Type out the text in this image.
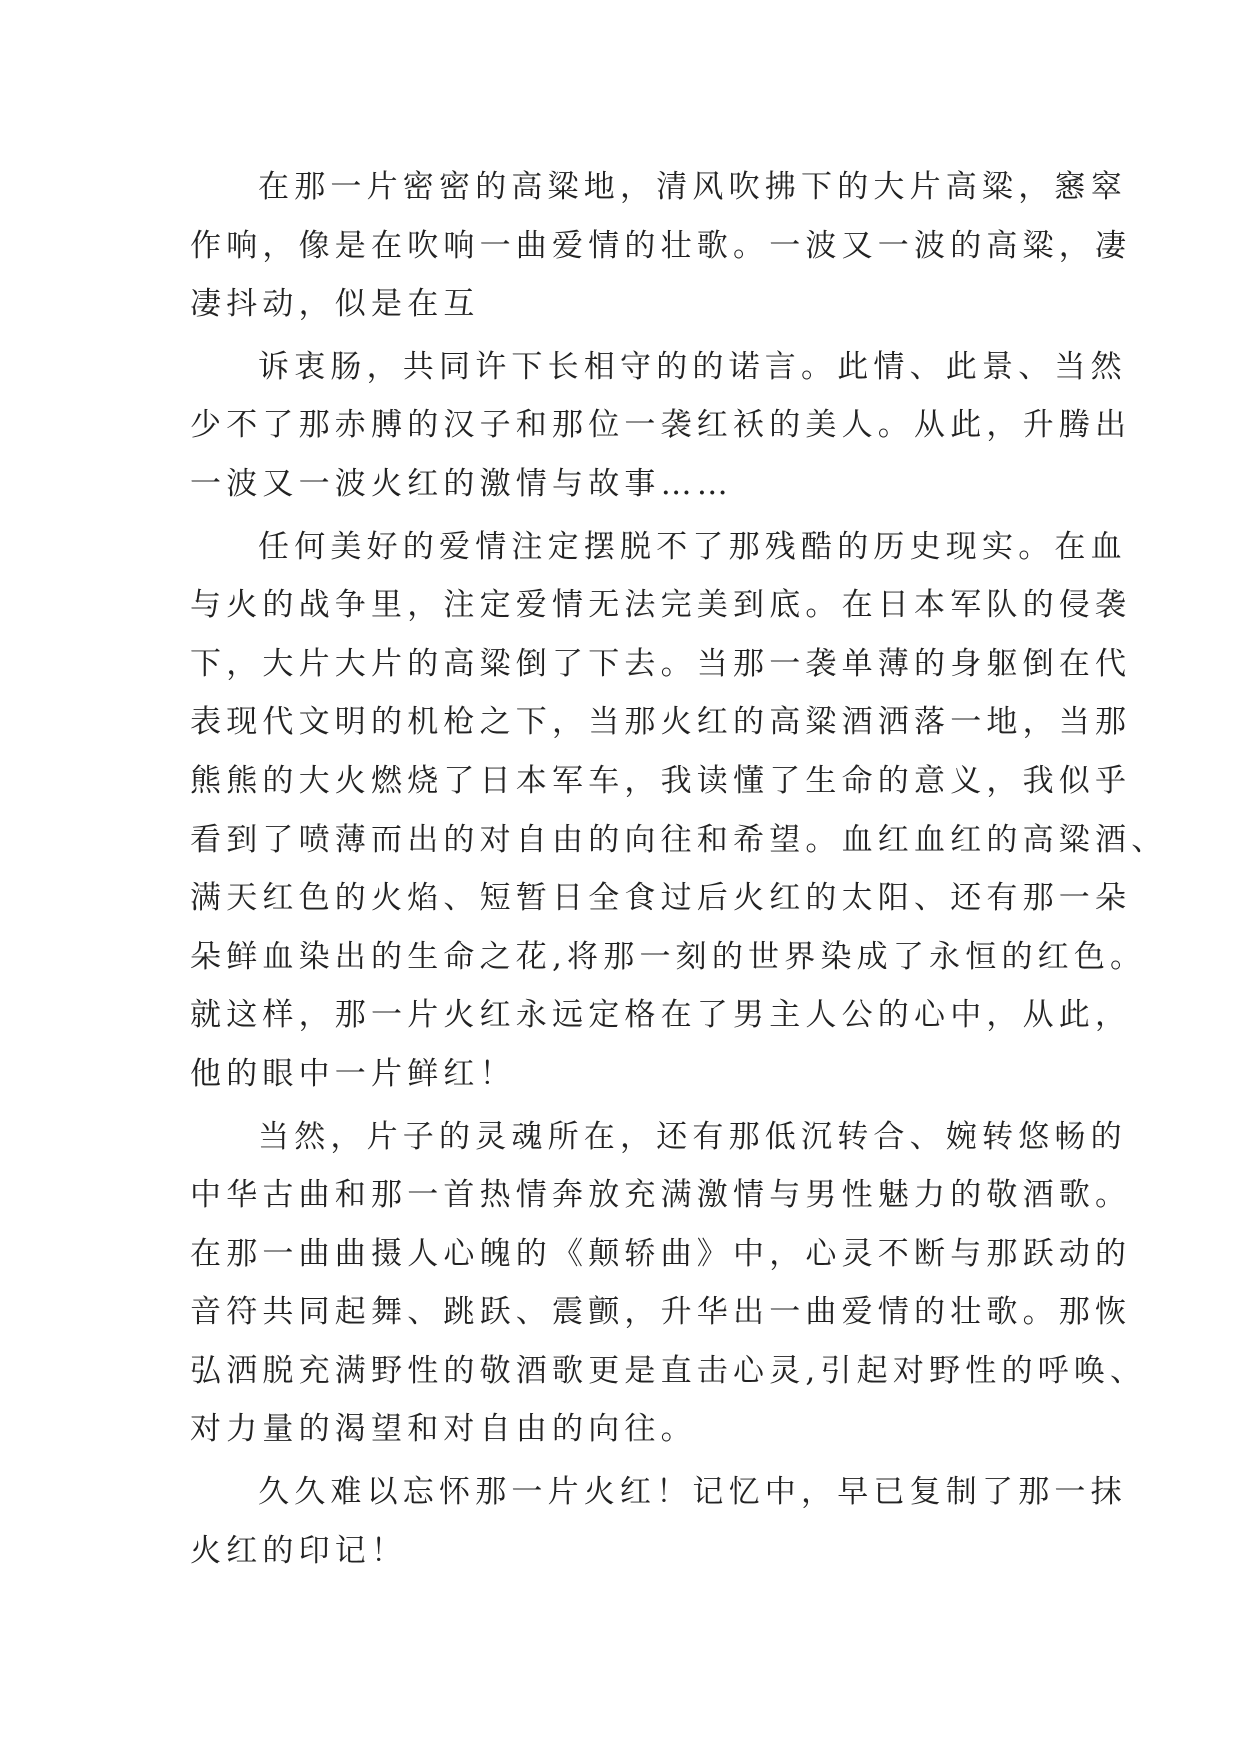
在那一片密密的高粱地，清风吹拂下的大片高粱，窸窣
作响，像是在吹响一曲爱情的壮歌。一波又一波的高粱，凄
凄抖动，似是在互
诉衷肠，共同许下长相守的的诺言。此情、此景、当然
少不了那赤膊的汉子和那位一袭红袄的美人。从此，升腾出
一波又一波火红的激情与故事……
任何美好的爱情注定摆脱不了那残酷的历史现实。在血
与火的战争里，注定爱情无法完美到底。在日本军队的侵袭
下，大片大片的高粱倒了下去。当那一袭单薄的身躯倒在代
表现代文明的机枪之下，当那火红的高粱酒洒落一地，当那
熊熊的大火燃烧了日本军车，我读懂了生命的意义，我似乎
看到了喷薄而出的对自由的向往和希望。血红血红的高粱酒、
满天红色的火焰、短暂日全食过后火红的太阳、还有那一朵
朵鲜血染出的生命之花,将那一刻的世界染成了永恒的红色。
就这样，那一片火红永远定格在了男主人公的心中，从此，
他的眼中一片鲜红！
当然，片子的灵魂所在，还有那低沉转合、婉转悠畅的
中华古曲和那一首热情奔放充满激情与男性魅力的敬酒歌。
在那一曲曲摄人心魄的《颠轿曲》中，心灵不断与那跃动的
音符共同起舞、跳跃、震颤，升华出一曲爱情的壮歌。那恢
弘洒脱充满野性的敬酒歌更是直击心灵,引起对野性的呼唤、
对力量的渴望和对自由的向往。
久久难以忘怀那一片火红！记忆中，早已复制了那一抹
火红的印记！
